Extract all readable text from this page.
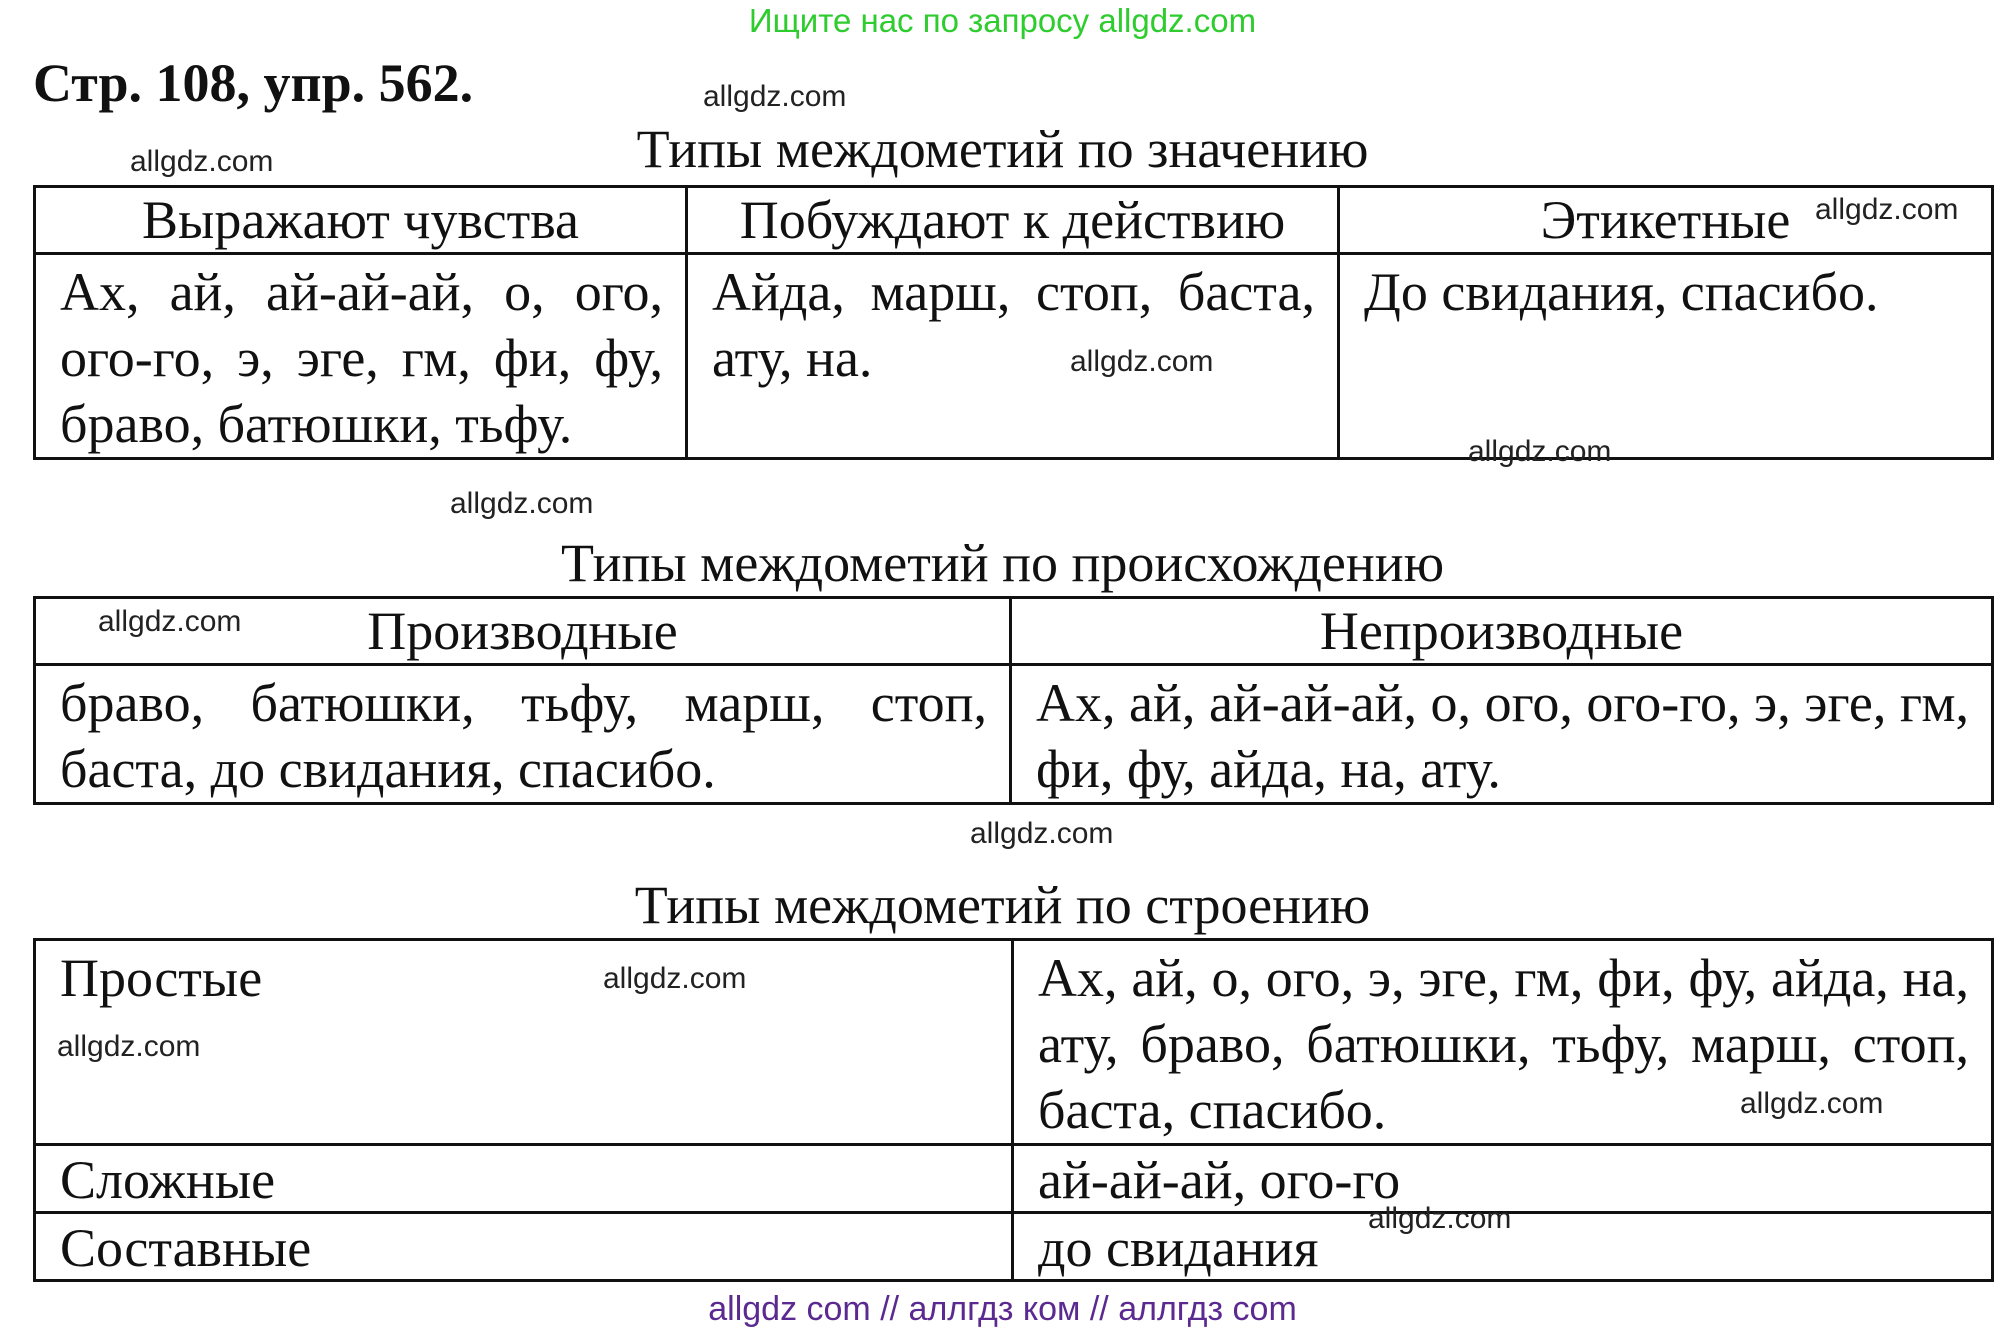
Ищите нас по запросу allgdz.com
Стр. 108, упр. 562.
Типы междометий по значению
Выражают чувства	Побуждают к действию	Этикетные
Ах, ай, ай-ай-ай, о, ого, ого-го, э, эге, гм, фи, фу, браво, батюшки, тьфу.	Айда, марш, стоп, баста, ату, на.	До свидания, спасибо.
Типы междометий по происхождению
Производные	Непроизводные
браво, батюшки, тьфу, марш, стоп, баста, до свидания, спасибо.	Ах, ай, ай-ай-ай, о, ого, ого-го, э, эге, гм, фи, фу, айда, на, ату.
Типы междометий по строению
Простые	Ах, ай, о, ого, э, эге, гм, фи, фу, айда, на, ату, браво, батюшки, тьфу, марш, стоп, баста, спасибо.
Сложные	ай-ай-ай, ого-го
Составные	до свидания
allgdz.com
allgdz.com
allgdz.com
allgdz.com
allgdz.com
allgdz.com
allgdz.com
allgdz.com
allgdz.com
allgdz.com
allgdz.com
allgdz.com
allgdz com // аллгдз ком // аллгдз com
